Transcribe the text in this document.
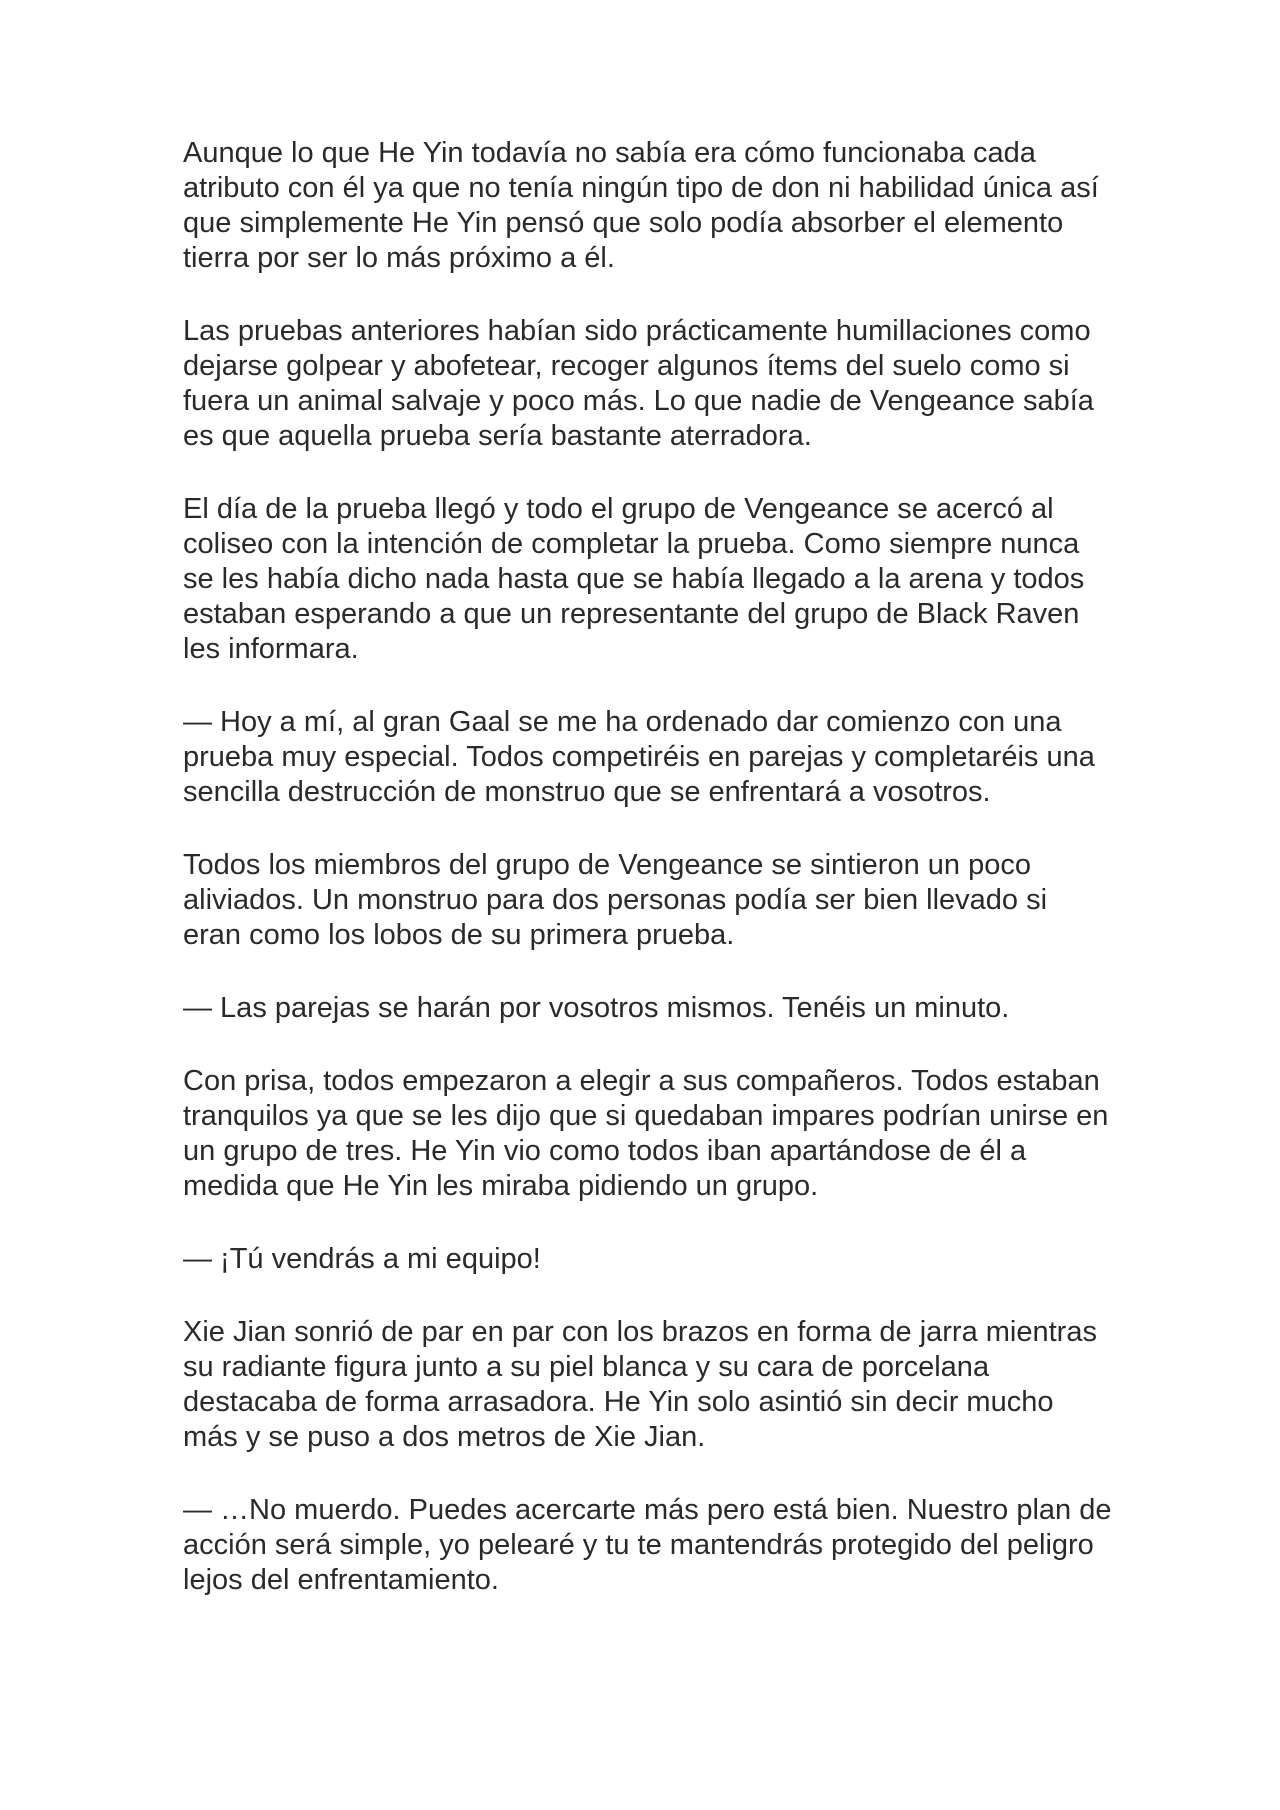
Aunque lo que He Yin todavía no sabía era cómo funcionaba cada atributo con él ya que no tenía ningún tipo de don ni habilidad única así que simplemente He Yin pensó que solo podía absorber el elemento tierra por ser lo más próximo a él.

Las pruebas anteriores habían sido prácticamente humillaciones como dejarse golpear y abofetear, recoger algunos ítems del suelo como si fuera un animal salvaje y poco más. Lo que nadie de Vengeance sabía es que aquella prueba sería bastante aterradora.

El día de la prueba llegó y todo el grupo de Vengeance se acercó al coliseo con la intención de completar la prueba. Como siempre nunca se les había dicho nada hasta que se había llegado a la arena y todos estaban esperando a que un representante del grupo de Black Raven les informara.

— Hoy a mí, al gran Gaal se me ha ordenado dar comienzo con una prueba muy especial. Todos competiréis en parejas y completaréis una sencilla destrucción de monstruo que se enfrentará a vosotros.

Todos los miembros del grupo de Vengeance se sintieron un poco aliviados. Un monstruo para dos personas podía ser bien llevado si eran como los lobos de su primera prueba.

— Las parejas se harán por vosotros mismos. Tenéis un minuto.

Con prisa, todos empezaron a elegir a sus compañeros. Todos estaban tranquilos ya que se les dijo que si quedaban impares podrían unirse en un grupo de tres. He Yin vio como todos iban apartándose de él a medida que He Yin les miraba pidiendo un grupo.

— ¡Tú vendrás a mi equipo!

Xie Jian sonrió de par en par con los brazos en forma de jarra mientras su radiante figura junto a su piel blanca y su cara de porcelana destacaba de forma arrasadora. He Yin solo asintió sin decir mucho más y se puso a dos metros de Xie Jian.

— …No muerdo. Puedes acercarte más pero está bien. Nuestro plan de acción será simple, yo pelearé y tu te mantendrás protegido del peligro lejos del enfrentamiento.
